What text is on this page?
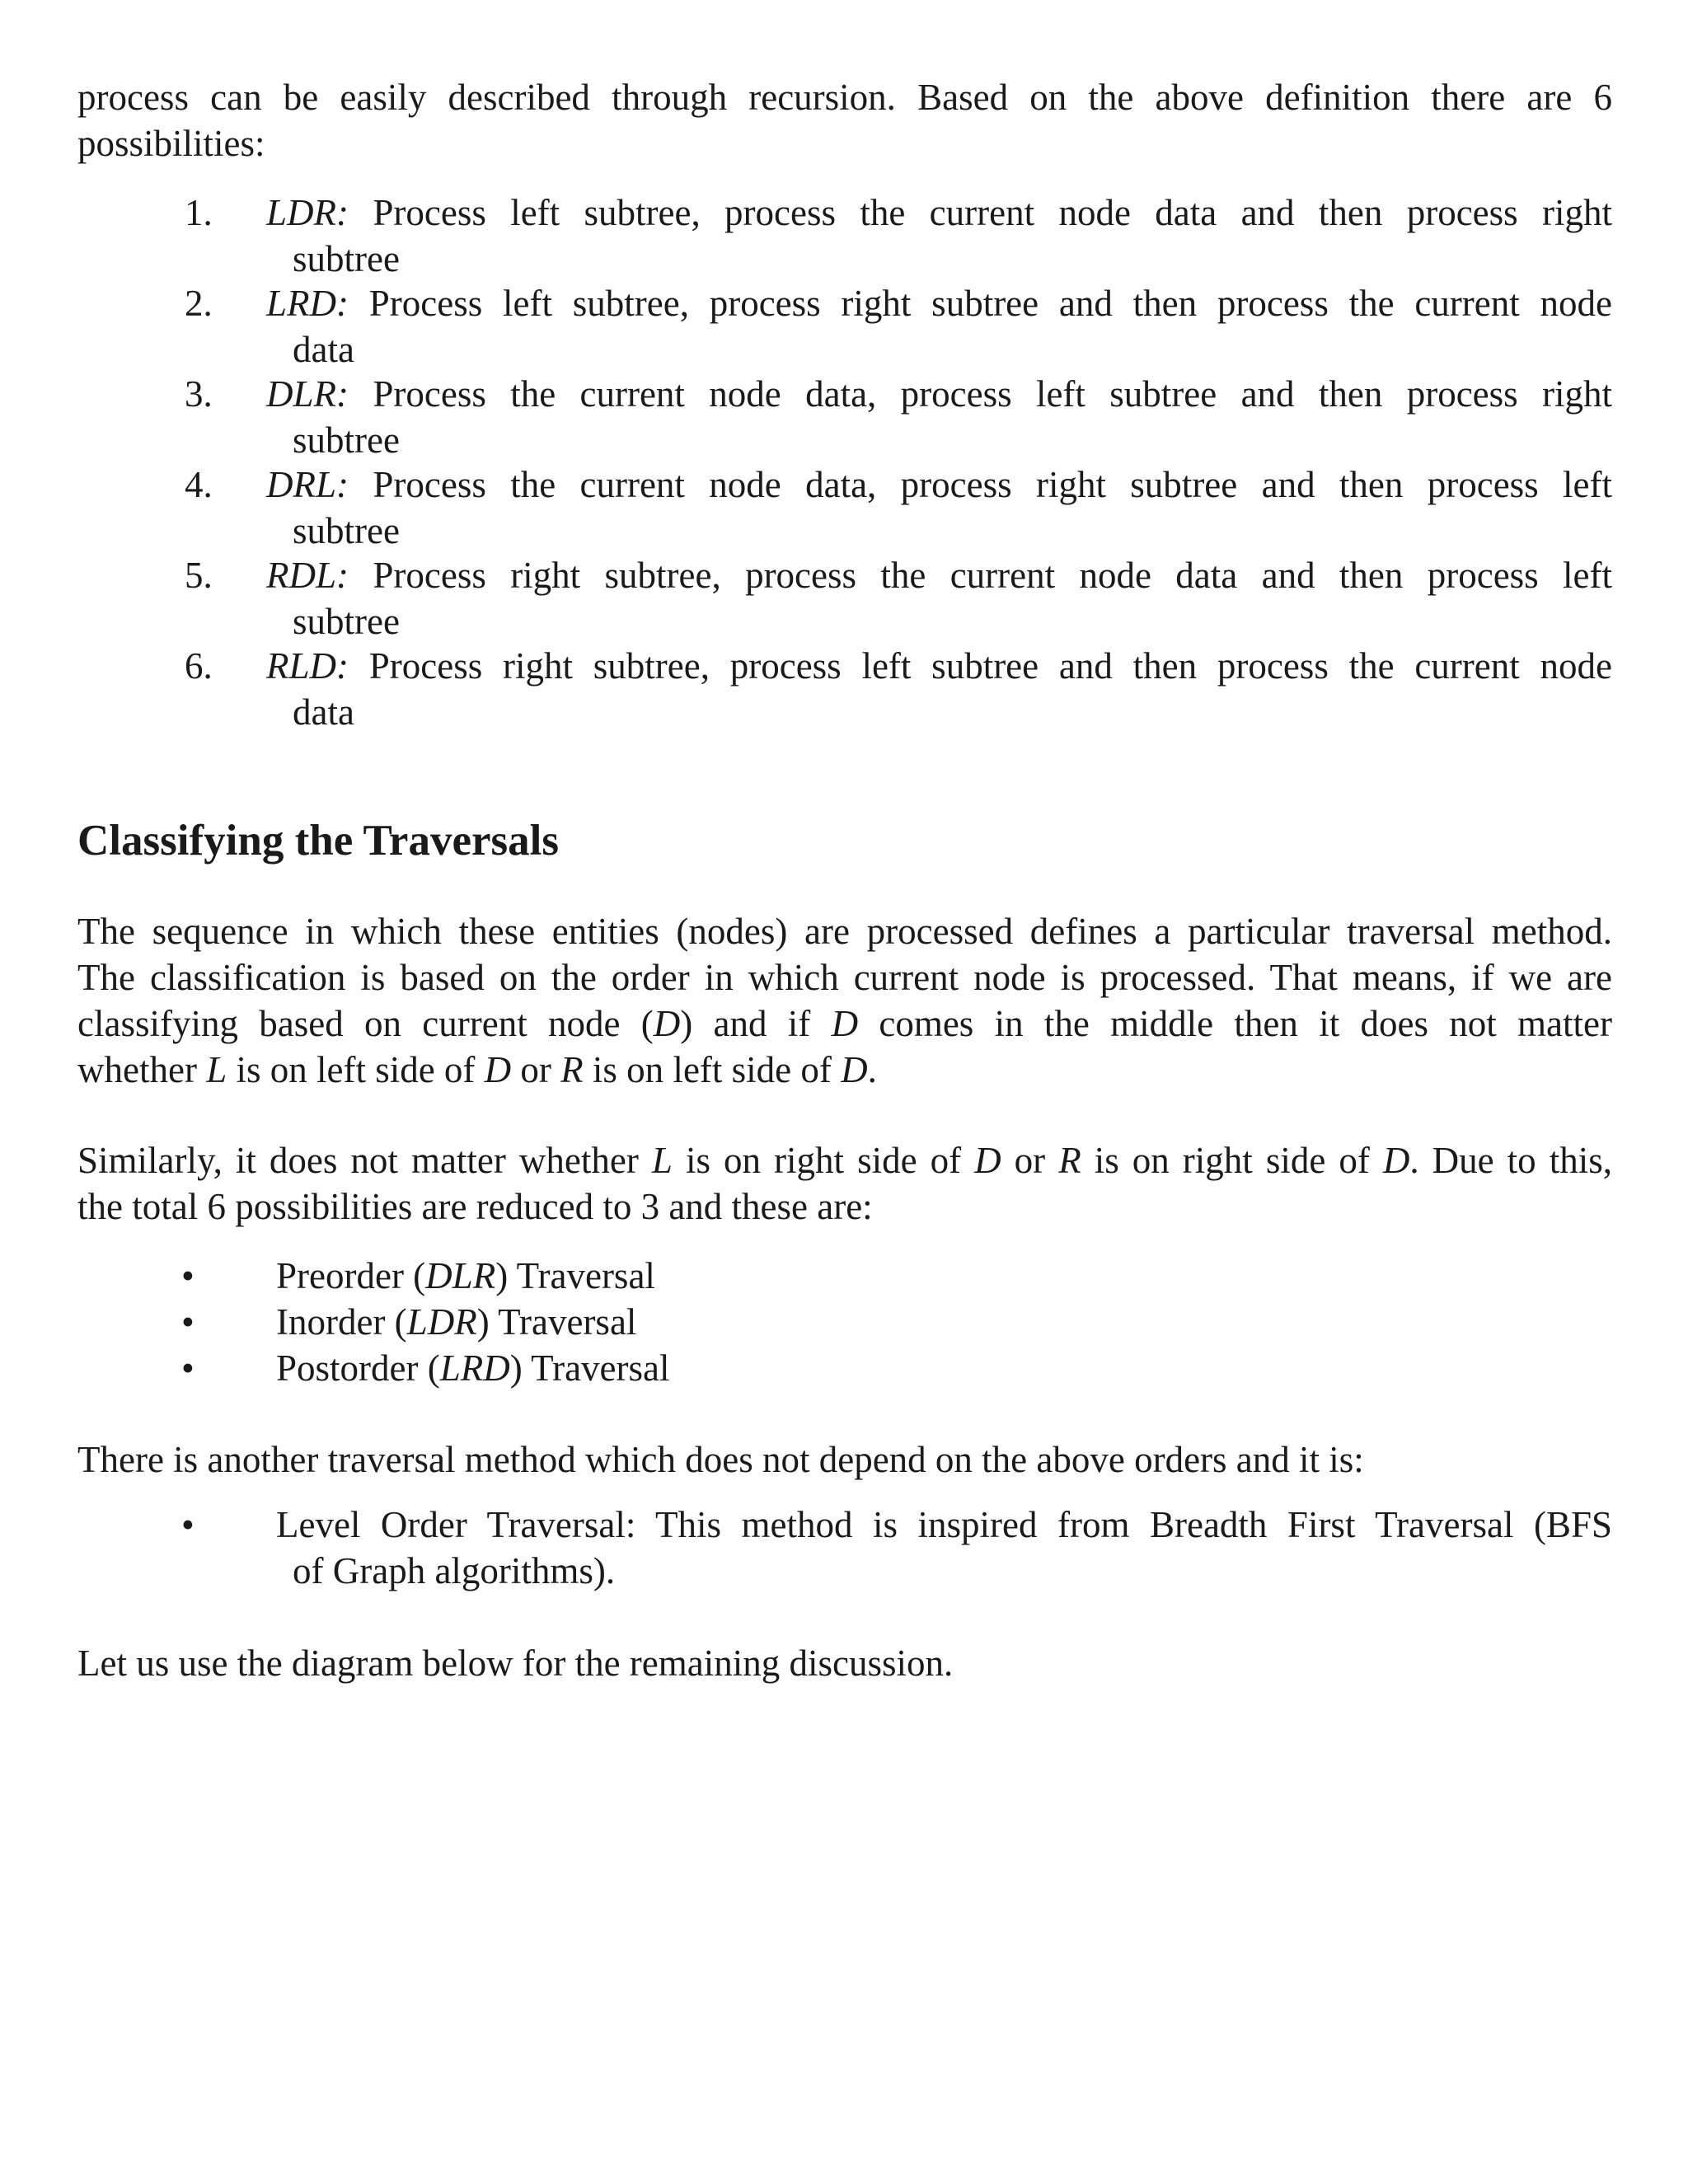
process can be easily described through recursion. Based on the above definition there are 6
possibilities:

1.	LDR: Process left subtree, process the current node data and then process right
subtree
2.	LRD: Process left subtree, process right subtree and then process the current node
data
3.	DLR: Process the current node data, process left subtree and then process right
subtree
4.	DRL: Process the current node data, process right subtree and then process left
subtree
5.	RDL: Process right subtree, process the current node data and then process left
subtree
6.	RLD: Process right subtree, process left subtree and then process the current node
data
Classifying the Traversals

The sequence in which these entities (nodes) are processed defines a particular traversal method.
The classification is based on the order in which current node is processed. That means, if we are
classifying based on current node (D) and if D comes in the middle then it does not matter
whether L is on left side of D or R is on left side of D.

Similarly, it does not matter whether L is on right side of D or R is on right side of D. Due to this,
the total 6 possibilities are reduced to 3 and these are:

• Preorder (DLR) Traversal
• Inorder (LDR) Traversal
• Postorder (LRD) Traversal

There is another traversal method which does not depend on the above orders and it is:

• Level Order Traversal: This method is inspired from Breadth First Traversal (BFS
of Graph algorithms).

Let us use the diagram below for the remaining discussion.
